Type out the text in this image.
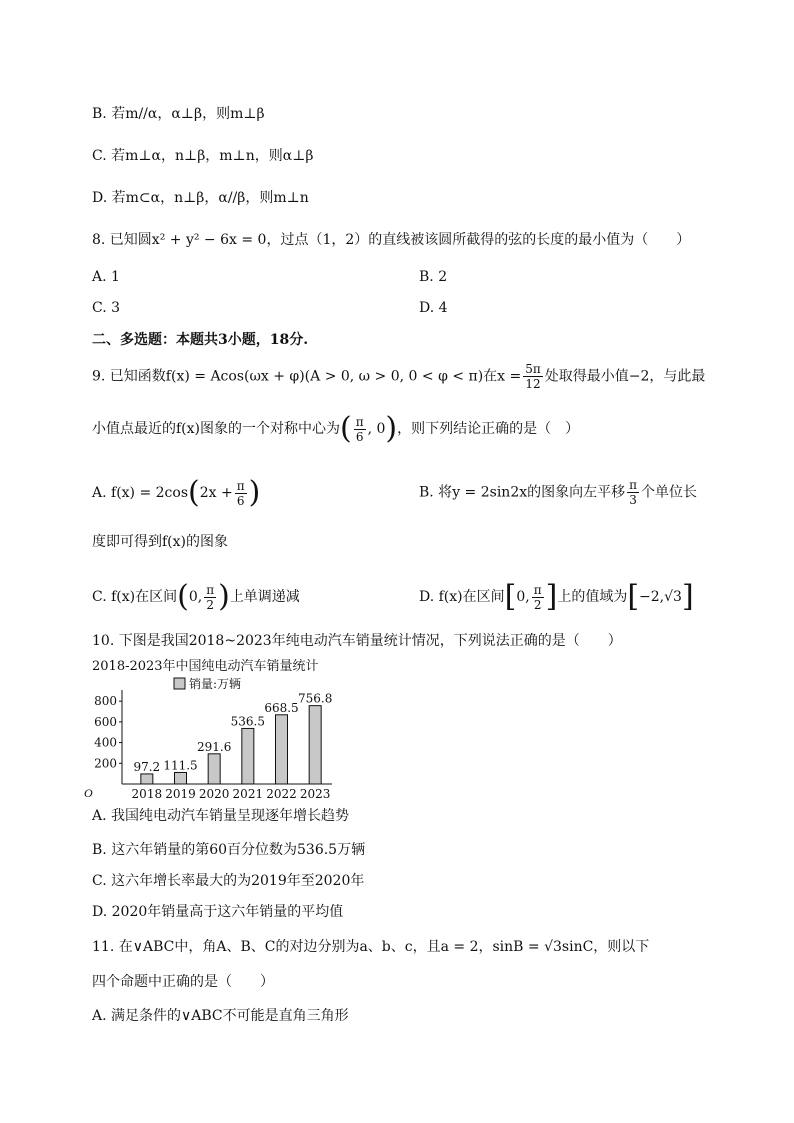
B. 若m//α，α⊥β，则m⊥β
C. 若m⊥α，n⊥β，m⊥n，则α⊥β
D. 若m⊂α，n⊥β，α//β，则m⊥n
8. 已知圆x² + y² − 6x = 0，过点（1，2）的直线被该圆所截得的弦的长度的最小值为（　　）
A. 1	B. 2
C. 3	D. 4
二、多选题：本题共3小题，18分.
9. 已知函数f(x) = Acos(ωx + φ)(A > 0, ω > 0, 0 < φ < π)在$x = \frac{5\pi}{12}$ 处取得最小值−2，与此最
小值点最近的f(x)图象的一个对称中心为( $\frac{\pi}{6}$ , 0)，则下列结论正确的是（　）
A. $f(x) = 2\cos(2x + \frac{\pi}{6}$ )	B. 将y = 2sin2x的图象向左平移 $\frac{\pi}{3}$ 个单位长
度即可得到f(x)的图象
C. f(x)在区间(0, $\frac{\pi}{2}$ )上单调递减	D. f(x)在区间[0, $\frac{\pi}{2}$ ]上的值域为[−2,√3]
10. 下图是我国2018~2023年纯电动汽车销量统计情况，下列说法正确的是（　　）
2018-2023年中国纯电动汽车销量统计
销量:万辆
200
400
600
800
2018 2019 2020 2021 2022 2023
97.2 111.5
291.6
536.5
668.5
756.8
O
A. 我国纯电动汽车销量呈现逐年增长趋势
B. 这六年销量的第60百分位数为536.5万辆
C. 这六年增长率最大的为2019年至2020年
D. 2020年销量高于这六年销量的平均值
11. 在∨ABC中，角A、B、C的对边分别为a、b、c，且a = 2，sinB = √3sinC，则以下
四个命题中正确的是（　　）
A. 满足条件的∨ABC不可能是直角三角形
